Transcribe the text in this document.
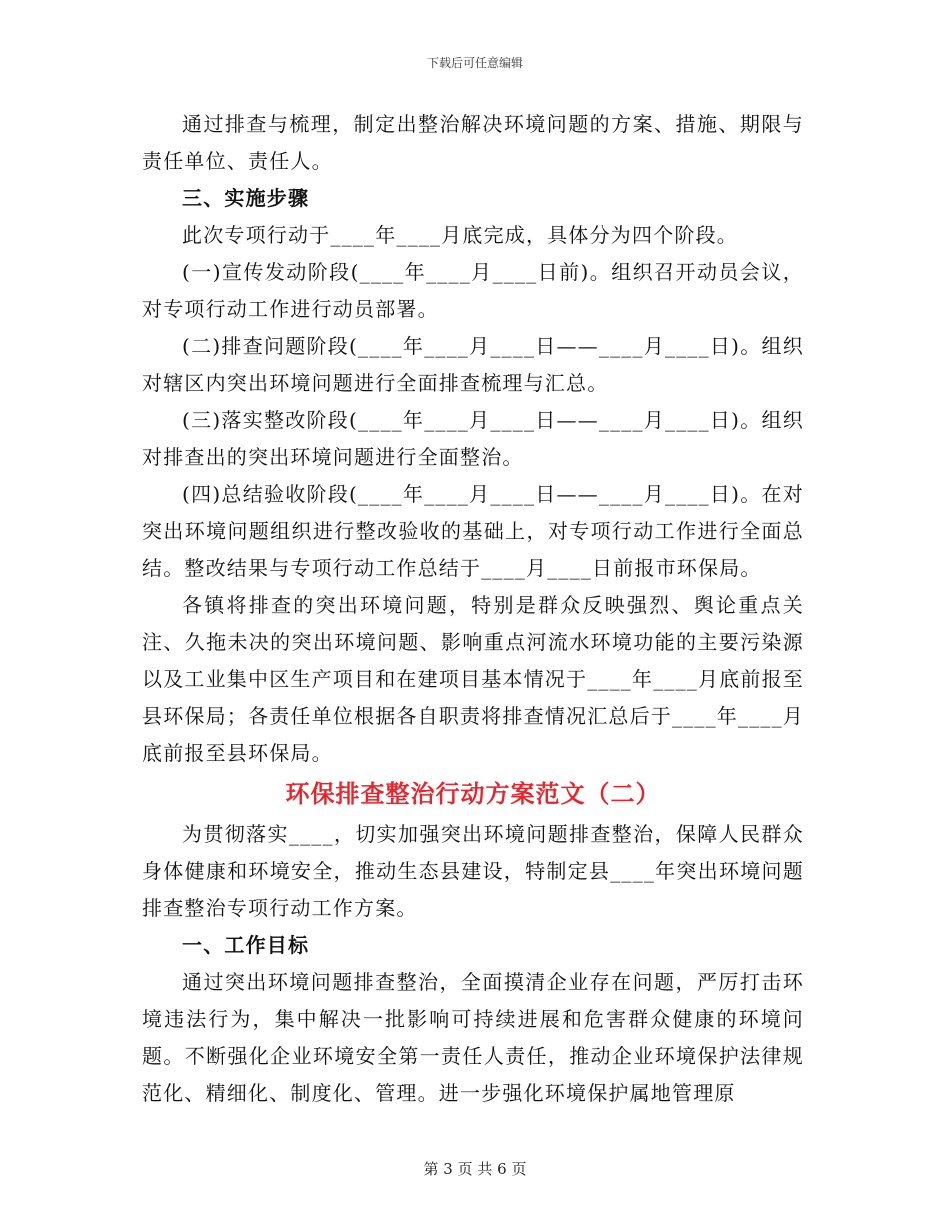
下载后可任意编辑

通过排查与梳理，制定出整治解决环境问题的方案、措施、期限与责任单位、责任人。

三、实施步骤

此次专项行动于____年____月底完成，具体分为四个阶段。

(一)宣传发动阶段(____年____月____日前)。组织召开动员会议，对专项行动工作进行动员部署。

(二)排查问题阶段(____年____月____日——____月____日)。组织对辖区内突出环境问题进行全面排查梳理与汇总。

(三)落实整改阶段(____年____月____日——____月____日)。组织对排查出的突出环境问题进行全面整治。

(四)总结验收阶段(____年____月____日——____月____日)。在对突出环境问题组织进行整改验收的基础上，对专项行动工作进行全面总结。整改结果与专项行动工作总结于____月____日前报市环保局。

各镇将排查的突出环境问题，特别是群众反映强烈、舆论重点关注、久拖未决的突出环境问题、影响重点河流水环境功能的主要污染源以及工业集中区生产项目和在建项目基本情况于____年____月底前报至县环保局；各责任单位根据各自职责将排查情况汇总后于____年____月底前报至县环保局。

环保排查整治行动方案范文（二）

为贯彻落实____，切实加强突出环境问题排查整治，保障人民群众身体健康和环境安全，推动生态县建设，特制定县____年突出环境问题排查整治专项行动工作方案。

一、工作目标

通过突出环境问题排查整治，全面摸清企业存在问题，严厉打击环境违法行为，集中解决一批影响可持续进展和危害群众健康的环境问题。不断强化企业环境安全第一责任人责任，推动企业环境保护法律规范化、精细化、制度化、管理。进一步强化环境保护属地管理原

第 3 页 共 6 页
